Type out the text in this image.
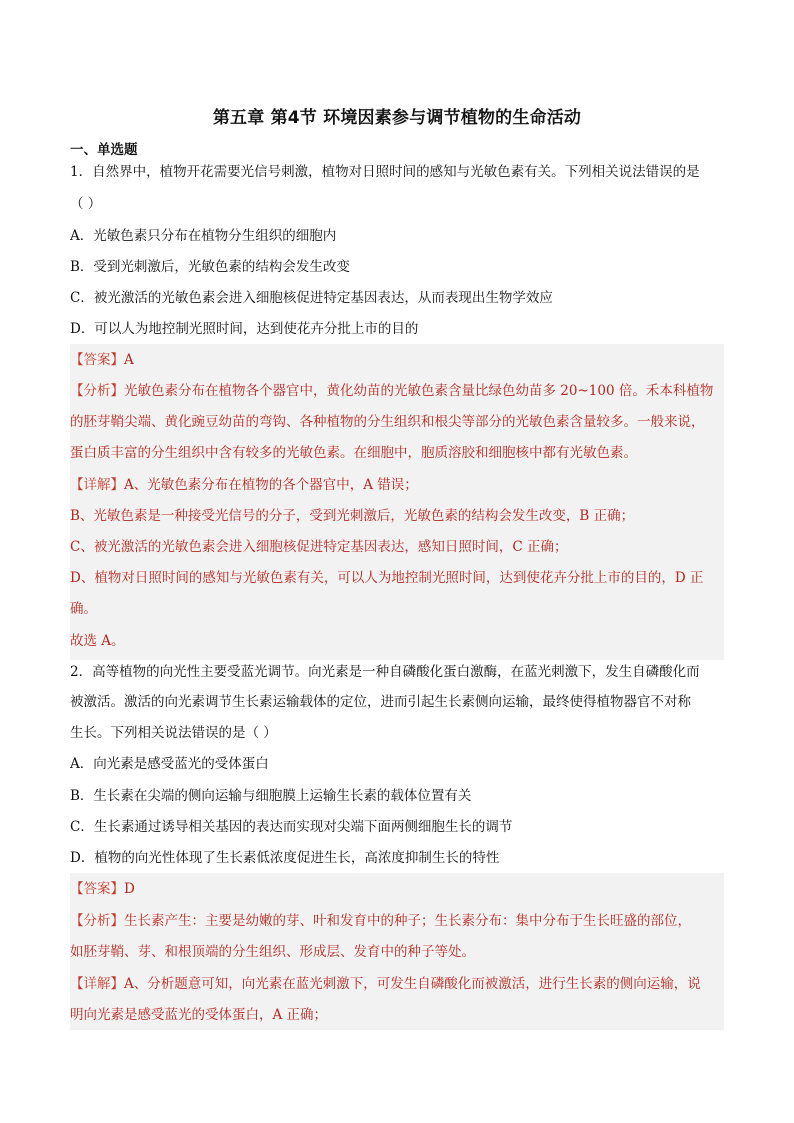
第五章 第4节 环境因素参与调节植物的生命活动
一、单选题
1．自然界中，植物开花需要光信号刺激，植物对日照时间的感知与光敏色素有关。下列相关说法错误的是
（ ）
A．光敏色素只分布在植物分生组织的细胞内
B．受到光刺激后，光敏色素的结构会发生改变
C．被光激活的光敏色素会进入细胞核促进特定基因表达，从而表现出生物学效应
D．可以人为地控制光照时间，达到使花卉分批上市的目的
【答案】A
【分析】光敏色素分布在植物各个器官中，黄化幼苗的光敏色素含量比绿色幼苗多 20~100 倍。禾本科植物
的胚芽鞘尖端、黄化豌豆幼苗的弯钩、各种植物的分生组织和根尖等部分的光敏色素含量较多。一般来说，
蛋白质丰富的分生组织中含有较多的光敏色素。在细胞中，胞质溶胶和细胞核中都有光敏色素。
【详解】A、光敏色素分布在植物的各个器官中，A 错误；
B、光敏色素是一种接受光信号的分子，受到光刺激后，光敏色素的结构会发生改变，B 正确；
C、被光激活的光敏色素会进入细胞核促进特定基因表达，感知日照时间，C 正确；
D、植物对日照时间的感知与光敏色素有关，可以人为地控制光照时间，达到使花卉分批上市的目的，D 正
确。
故选 A。
2．高等植物的向光性主要受蓝光调节。向光素是一种自磷酸化蛋白激酶，在蓝光刺激下，发生自磷酸化而
被激活。激活的向光素调节生长素运输载体的定位，进而引起生长素侧向运输，最终使得植物器官不对称
生长。下列相关说法错误的是（ ）
A．向光素是感受蓝光的受体蛋白
B．生长素在尖端的侧向运输与细胞膜上运输生长素的载体位置有关
C．生长素通过诱导相关基因的表达而实现对尖端下面两侧细胞生长的调节
D．植物的向光性体现了生长素低浓度促进生长，高浓度抑制生长的特性
【答案】D
【分析】生长素产生：主要是幼嫩的芽、叶和发育中的种子；生长素分布：集中分布于生长旺盛的部位，
如胚芽鞘、芽、和根顶端的分生组织、形成层、发育中的种子等处。
【详解】A、分析题意可知，向光素在蓝光刺激下，可发生自磷酸化而被激活，进行生长素的侧向运输，说
明向光素是感受蓝光的受体蛋白，A 正确；
